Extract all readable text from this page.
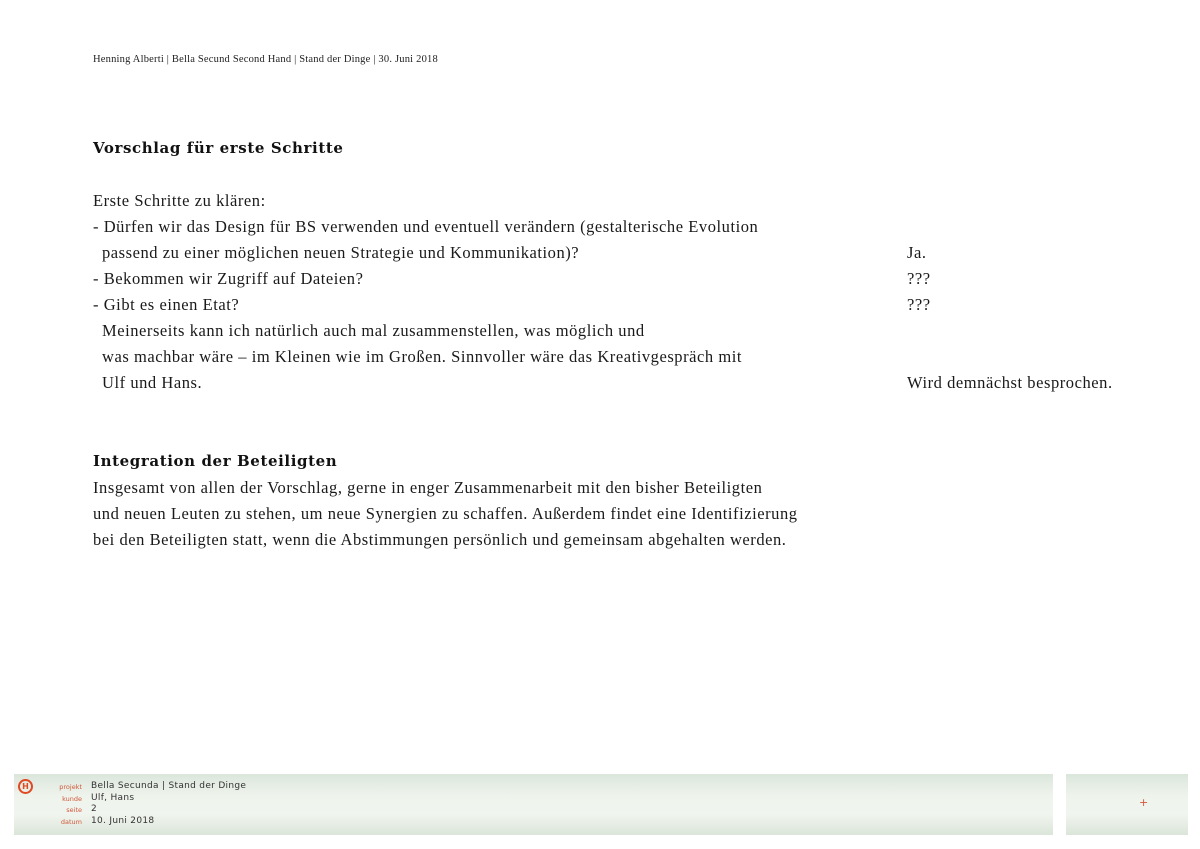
Henning Alberti | Bella Secund Second Hand | Stand der Dinge | 30. Juni 2018
Vorschlag für erste Schritte
Erste Schritte zu klären:
- Dürfen wir das Design für BS verwenden und eventuell verändern (gestalterische Evolution
passend zu einer möglichen neuen Strategie und Kommunikation)?
- Bekommen wir Zugriff auf Dateien?
- Gibt es einen Etat?
Meinerseits kann ich natürlich auch mal zusammenstellen, was möglich und
was machbar wäre – im Kleinen wie im Großen. Sinnvoller wäre das Kreativgespräch mit
Ulf und Hans.
Ja.
???
???
Wird demnächst besprochen.
Integration der Beteiligten
Insgesamt von allen der Vorschlag, gerne in enger Zusammenarbeit mit den bisher Beteiligten
und neuen Leuten zu stehen, um neue Synergien zu schaffen. Außerdem findet eine Identifizierung
bei den Beteiligten statt, wenn die Abstimmungen persönlich und gemeinsam abgehalten werden.
H	projekt
kunde
seite
datum
Bella Secunda | Stand der Dinge
Ulf, Hans
2
10. Juni 2018
+
